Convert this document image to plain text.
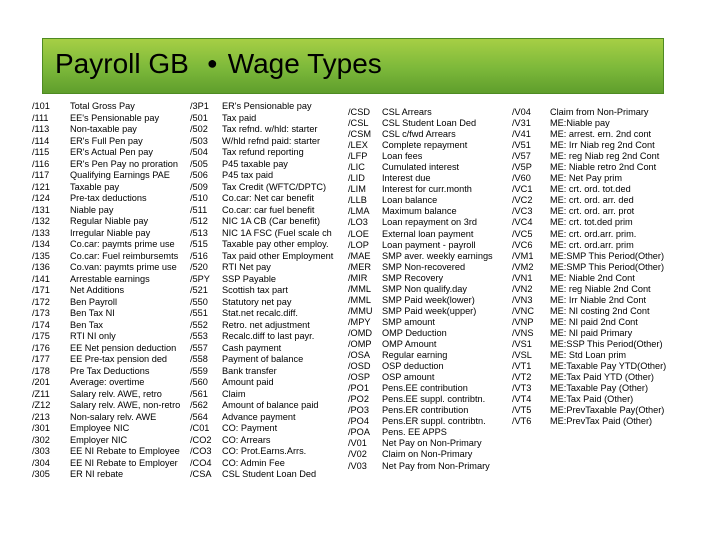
Payroll GB ● Wage Types
/101	Total Gross Pay
/111	EE's Pensionable pay
/113	Non-taxable pay
/114	ER's Full Pen pay
/115	ER's Actual Pen pay
/116	ER's Pen Pay no proration
/117	Qualifying Earnings PAE
/121	Taxable pay
/124	Pre-tax deductions
/131	Niable pay
/132	Regular Niable pay
/133	Irregular Niable pay
/134	Co.car: paymts prime use
/135	Co.car: Fuel reimbursemts
/136	Co.van: paymts prime use
/141	Arrestable earnings
/171	Net Additions
/172	Ben Payroll
/173	Ben Tax NI
/174	Ben Tax
/175	RTI NI only
/176	EE Net pension deduction
/177	EE Pre-tax pension ded
/178	Pre Tax Deductions
/201	Average: overtime
/Z11	Salary relv. AWE, retro
/Z12	Salary relv. AWE, non-retro
/213	Non-salary relv. AWE
/301	Employee NIC
/302	Employer NIC
/303	EE NI Rebate to Employee
/304	EE NI Rebate to Employer
/305	ER NI rebate
/3P1	ER's Pensionable pay
/501	Tax paid
/502	Tax refnd. w/hld: starter
/503	W/hld refnd paid: starter
/504	Tax refund reporting
/505	P45 taxable pay
/506	P45 tax paid
/509	Tax Credit (WFTC/DPTC)
/510	Co.car: Net car benefit
/511	Co.car: car fuel benefit
/512	NIC 1A CB (Car benefit)
/513	NIC 1A FSC (Fuel scale ch
/515	Taxable pay other employ.
/516	Tax paid other Employment
/520	RTI Net pay
/5PY	SSP Payable
/521	Scottish tax part
/550	Statutory net pay
/551	Stat.net recalc.diff.
/552	Retro. net adjustment
/553	Recalc.diff to last payr.
/557	Cash payment
/558	Payment of balance
/559	Bank transfer
/560	Amount paid
/561	Claim
/562	Amount of balance paid
/564	Advance payment
/C01	CO: Payment
/CO2	CO: Arrears
/CO3	CO: Prot.Earns.Arrs.
/CO4	CO: Admin Fee
/CSA	CSL Student Loan Ded
/CSD	CSL Arrears
/CSL	CSL Student Loan Ded
/CSM	CSL c/fwd Arrears
/LEX	Complete repayment
/LFP	Loan fees
/LIC	Cumulated interest
/LID	Interest due
/LIM	Interest for curr.month
/LLB	Loan balance
/LMA	Maximum balance
/LO3	Loan repayment on 3rd
/LOE	External loan payment
/LOP	Loan payment - payroll
/MAE	SMP aver. weekly earnings
/MER	SMP Non-recovered
/MIR	SMP Recovery
/MML	SMP Non qualify.day
/MML	SMP Paid week(lower)
/MMU	SMP Paid week(upper)
/MPY	SMP amount
/OMD	OMP Deduction
/OMP	OMP Amount
/OSA	Regular earning
/OSD	OSP deduction
/OSP	OSP amount
/PO1	Pens.EE contribution
/PO2	Pens.EE suppl. contribtn.
/PO3	Pens.ER contribution
/PO4	Pens.ER suppl. contribtn.
/POA	Pens. EE APPS
/V01	Net Pay on Non-Primary
/V02	Claim on Non-Primary
/V03	Net Pay from Non-Primary
/V04	Claim from Non-Primary
/V31	ME:Niable pay
/V41	ME: arrest. ern. 2nd cont
/V51	ME: Irr Niab reg 2nd Cont
/V57	ME: reg Niab reg 2nd Cont
/V5P	ME: Niable retro 2nd Cont
/V60	ME: Net Pay prim
/VC1	ME: crt. ord. tot.ded
/VC2	ME: crt. ord. arr. ded
/VC3	ME: crt. ord. arr. prot
/VC4	ME: crt. tot.ded prim
/VC5	ME: crt. ord.arr. prim.
/VC6	ME: crt. ord.arr. prim
/VM1	ME:SMP This Period(Other)
/VM2	ME:SMP This Period(Other)
/VN1	ME: Niable 2nd Cont
/VN2	ME: reg Niable 2nd Cont
/VN3	ME: Irr Niable 2nd Cont
/VNC	ME: NI costing 2nd Cont
/VNP	ME: NI paid 2nd Cont
/VNS	ME: NI paid Primary
/VS1	ME:SSP This Period(Other)
/VSL	ME: Std Loan prim
/VT1	ME:Taxable Pay YTD(Other)
/VT2	ME:Tax Paid YTD (Other)
/VT3	ME:Taxable Pay (Other)
/VT4	ME:Tax Paid (Other)
/VT5	ME:PrevTaxable Pay(Other)
/VT6	ME:PrevTax Paid (Other)
